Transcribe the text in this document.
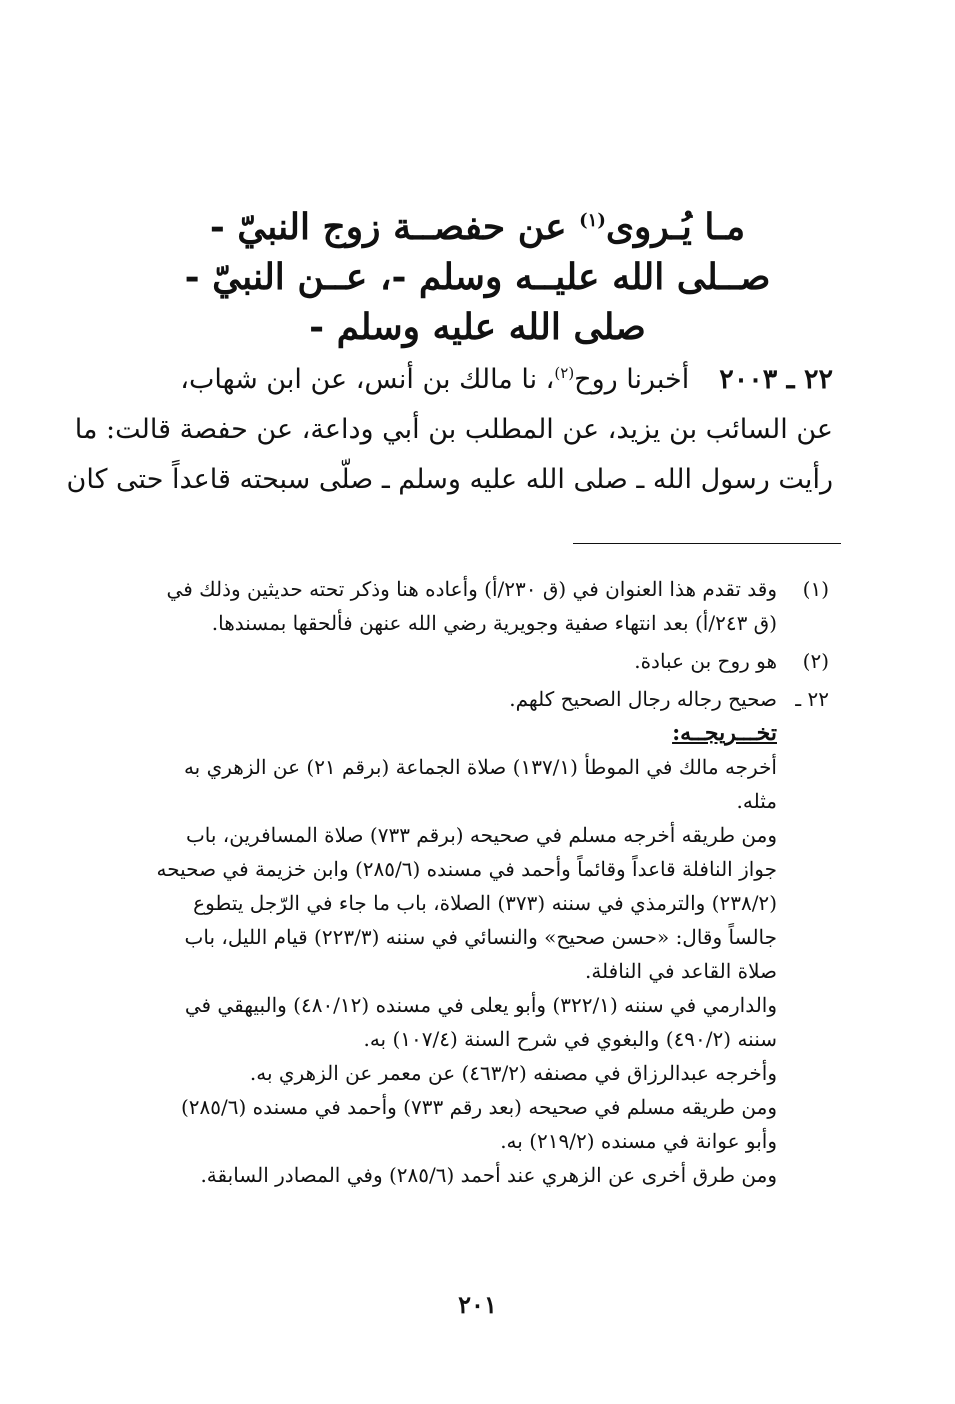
مـا يُـروى$^{(١)}$ عن حفصــة زوج النبيّ -
صــلى الله عليــه وسلم -، عــن النبيّ -
صلى الله عليه وسلم -
٢٢ ـ ٢٠٠٣أخبرنا روح$^{(٢)}$، نا مالك بن أنس، عن ابن شهاب،
عن السائب بن يزيد، عن المطلب بن أبي وداعة، عن حفصة قالت: ما
رأيت رسول الله ـ صلى الله عليه وسلم ـ صلّى سبحته قاعداً حتى كان
(١)
وقد تقدم هذا العنوان في (ق ٢٣٠/أ) وأعاده هنا وذكر تحته حديثين وذلك في
(ق ٢٤٣/أ) بعد انتهاء صفية وجويرية رضي الله عنهن فألحقها بمسندها.
(٢)
هو روح بن عبادة.
٢٢ ـ
صحيح رجاله رجال الصحيح كلهم.
تخـــريجــه:
أخرجه مالك في الموطأ (١٣٧/١) صلاة الجماعة (برقم ٢١) عن الزهري به
مثله.
ومن طريقه أخرجه مسلم في صحيحه (برقم ٧٣٣) صلاة المسافرين، باب
جواز النافلة قاعداً وقائماً وأحمد في مسنده (٢٨٥/٦) وابن خزيمة في صحيحه
(٢٣٨/٢) والترمذي في سننه (٣٧٣) الصلاة، باب ما جاء في الرّجل يتطوع
جالساً وقال: «حسن صحيح» والنسائي في سننه (٢٢٣/٣) قيام الليل، باب
صلاة القاعد في النافلة.
والدارمي في سننه (٣٢٢/١) وأبو يعلى في مسنده (٤٨٠/١٢) والبيهقي في
سننه (٤٩٠/٢) والبغوي في شرح السنة (١٠٧/٤) به.
وأخرجه عبدالرزاق في مصنفه (٤٦٣/٢) عن معمر عن الزهري به.
ومن طريقه مسلم في صحيحه (بعد رقم ٧٣٣) وأحمد في مسنده (٢٨٥/٦)
وأبو عوانة في مسنده (٢١٩/٢) به.
ومن طرق أخرى عن الزهري عند أحمد (٢٨٥/٦) وفي المصادر السابقة.
٢٠١
